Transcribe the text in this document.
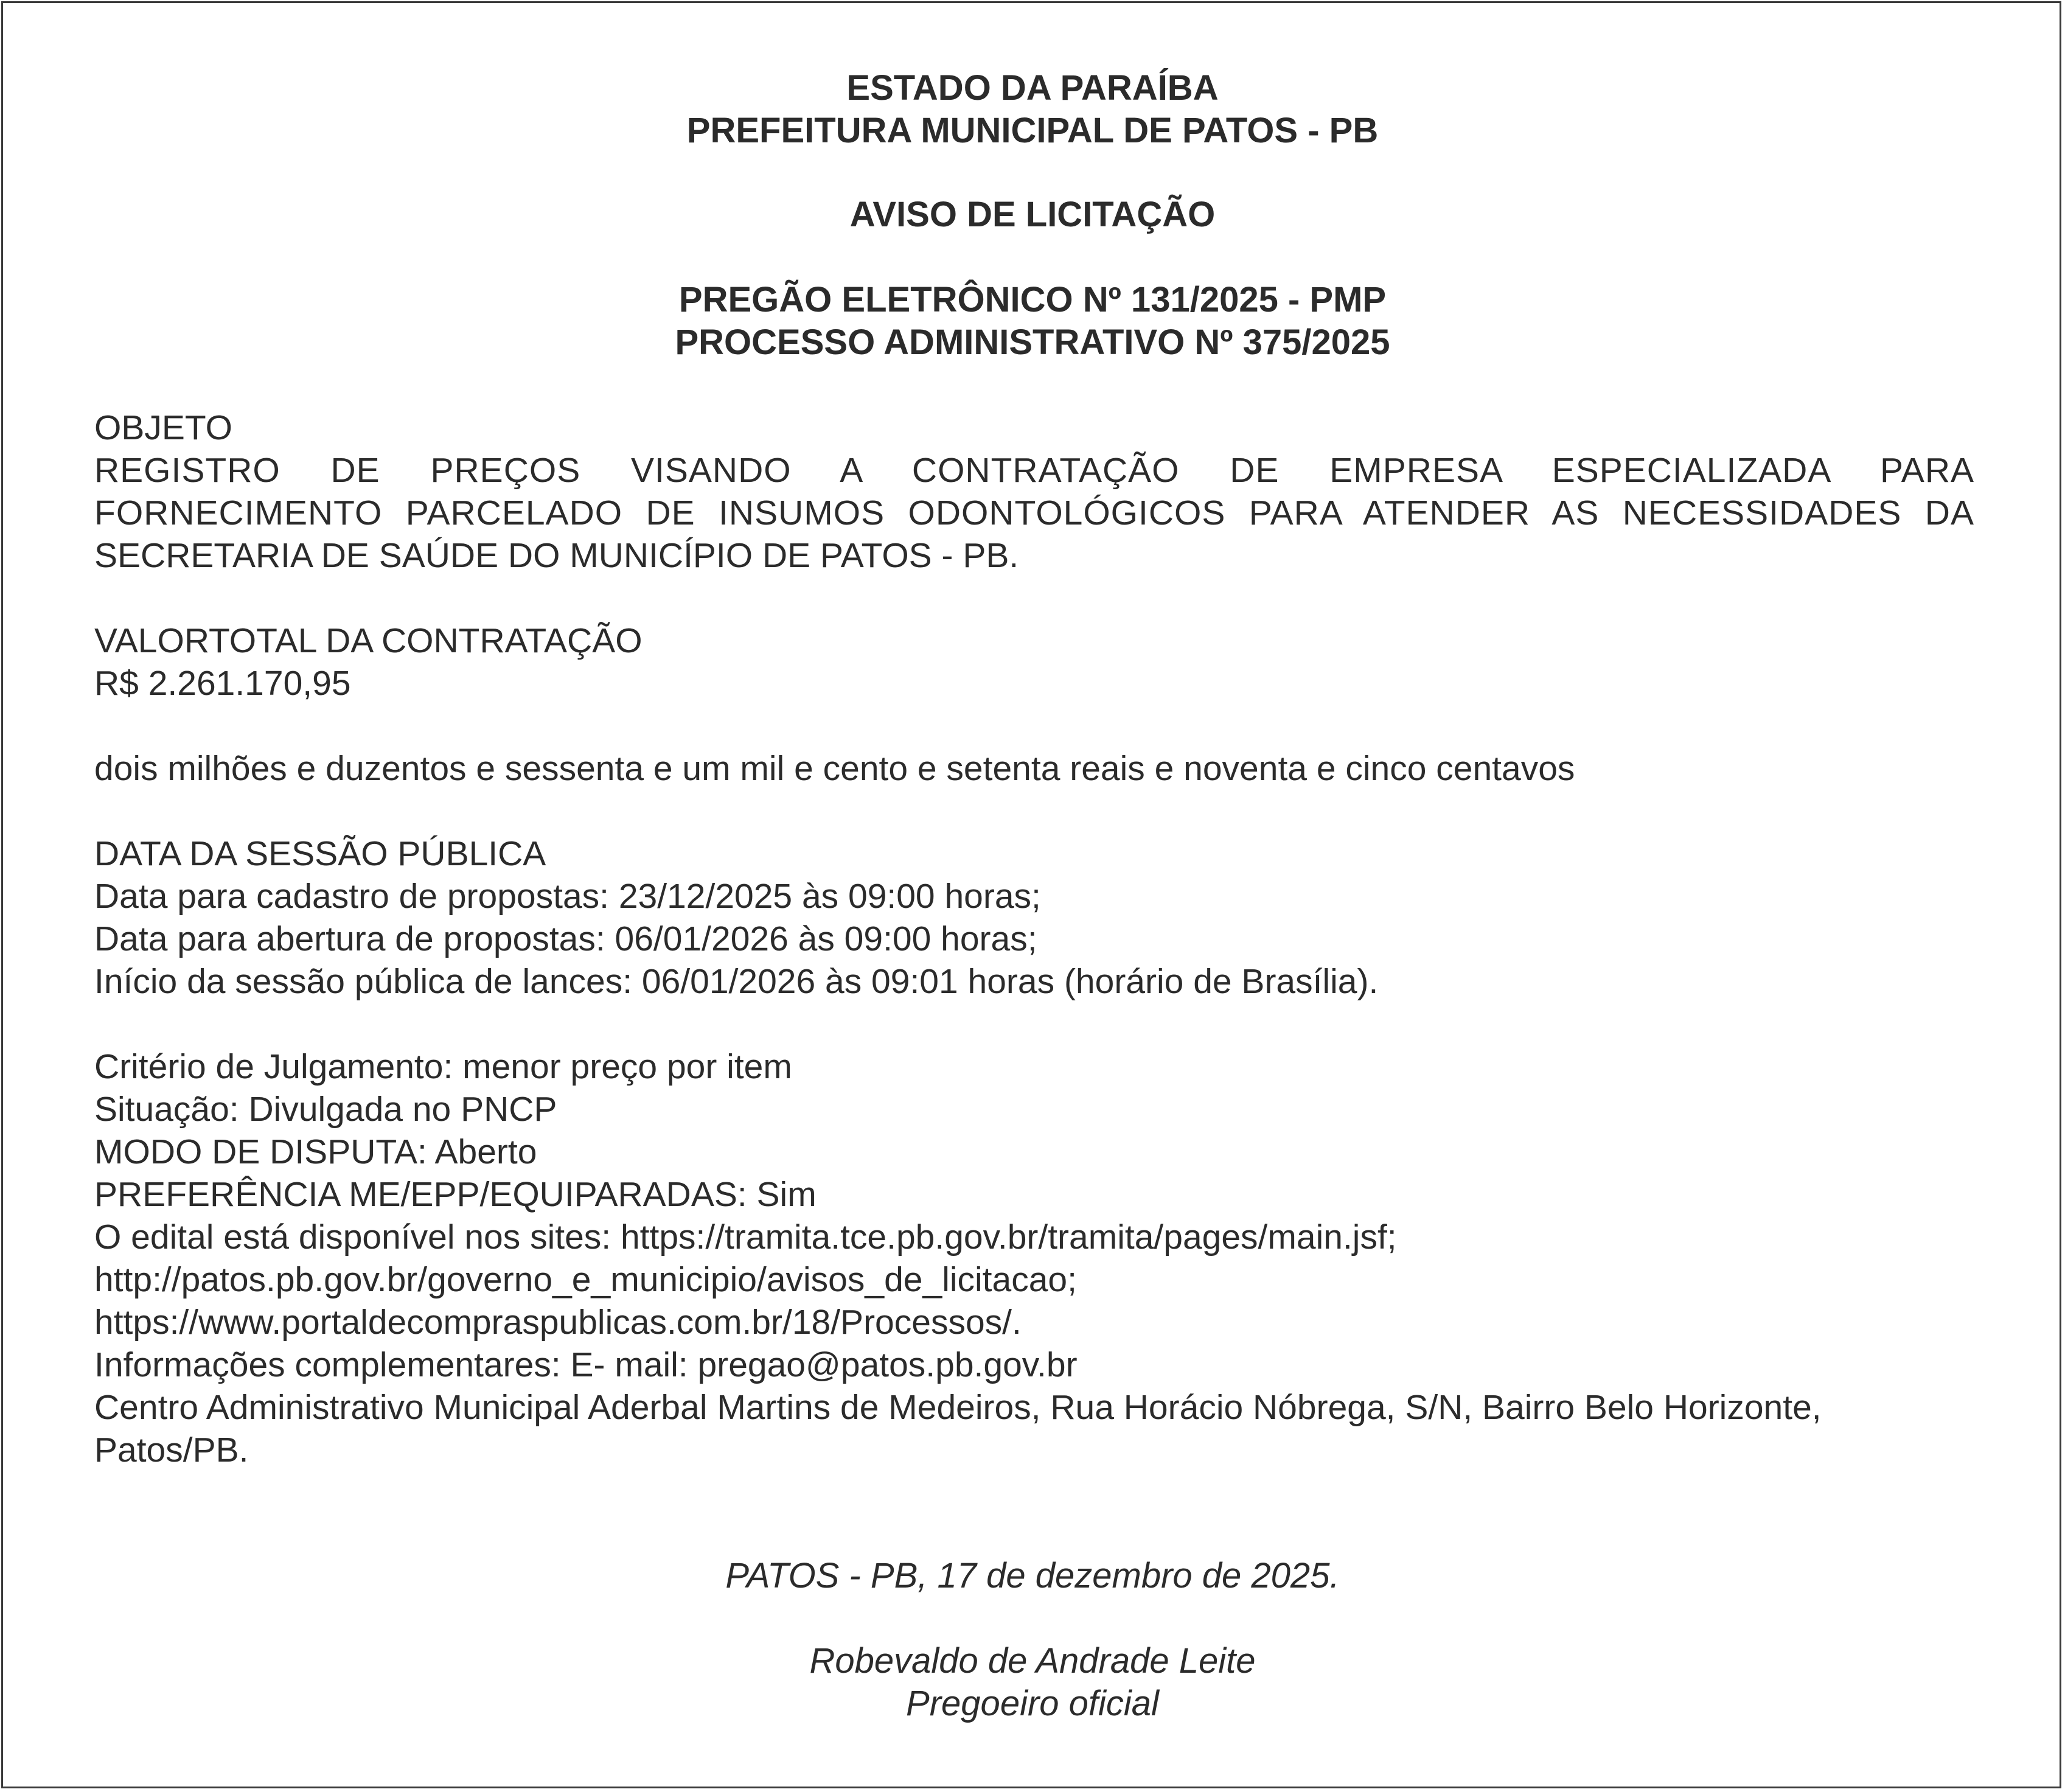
ESTADO DA PARAÍBA

PREFEITURA MUNICIPAL DE PATOS - PB

AVISO DE LICITAÇÃO

PREGÃO ELETRÔNICO Nº 131/2025 - PMP

PROCESSO ADMINISTRATIVO Nº 375/2025

OBJETO

REGISTRO DE PREÇOS VISANDO A CONTRATAÇÃO DE EMPRESA ESPECIALIZADA PARA

FORNECIMENTO PARCELADO DE INSUMOS ODONTOLÓGICOS PARA ATENDER AS NECESSIDADES DA

SECRETARIA DE SAÚDE DO MUNICÍPIO DE PATOS - PB.

VALORTOTAL DA CONTRATAÇÃO

R$ 2.261.170,95

dois milhões e duzentos e sessenta e um mil e cento e setenta reais e noventa e cinco centavos

DATA DA SESSÃO PÚBLICA

Data para cadastro de propostas: 23/12/2025 às 09:00 horas;

Data para abertura de propostas: 06/01/2026 às 09:00 horas;

Início da sessão pública de lances: 06/01/2026 às 09:01 horas (horário de Brasília).

Critério de Julgamento: menor preço por item

Situação: Divulgada no PNCP

MODO DE DISPUTA: Aberto

PREFERÊNCIA ME/EPP/EQUIPARADAS: Sim

O edital está disponível nos sites: https://tramita.tce.pb.gov.br/tramita/pages/main.jsf;

http://patos.pb.gov.br/governo_e_municipio/avisos_de_licitacao;

https://www.portaldecompraspublicas.com.br/18/Processos/.

Informações complementares: E- mail: pregao@patos.pb.gov.br

Centro Administrativo Municipal Aderbal Martins de Medeiros, Rua Horácio Nóbrega, S/N, Bairro Belo Horizonte,

Patos/PB.

PATOS - PB, 17 de dezembro de 2025.
Robevaldo de Andrade Leite
Pregoeiro oficial
